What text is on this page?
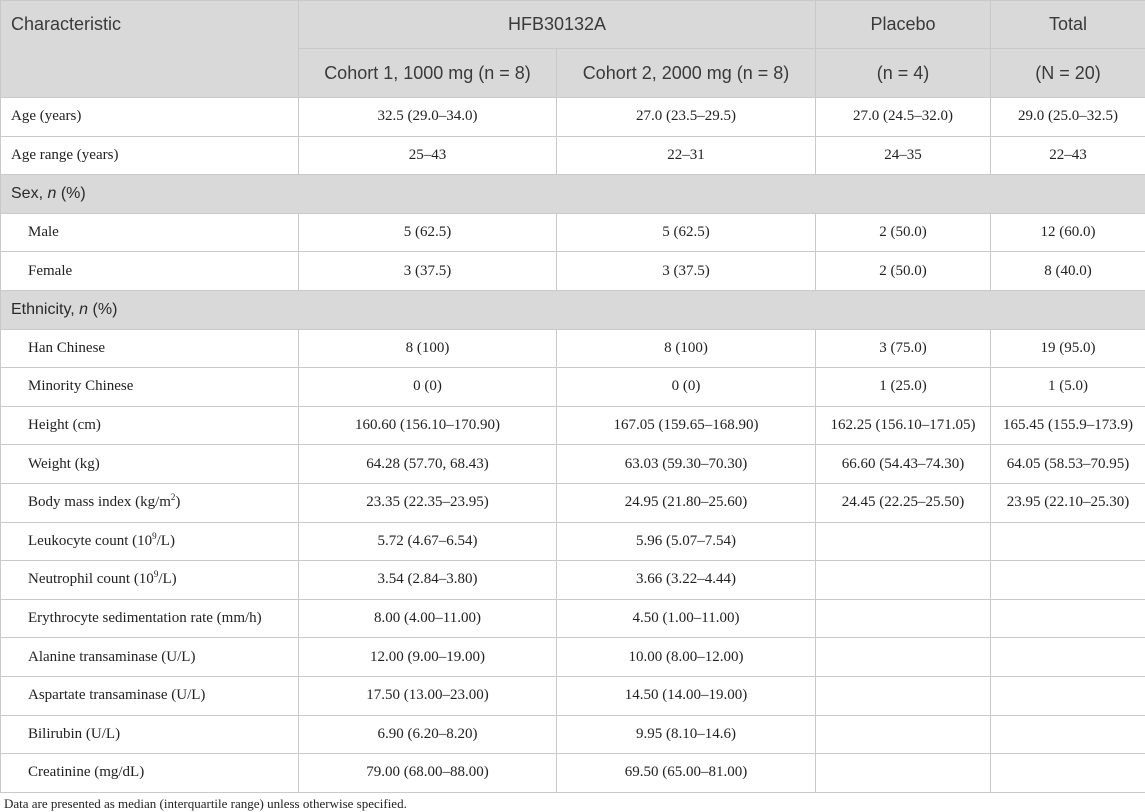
Characteristic	HFB30132A		Placebo	Total
	Cohort 1, 1000 mg (n = 8)	Cohort 2, 2000 mg (n = 8)	(n = 4)	(N = 20)
Age (years)	32.5 (29.0–34.0)	27.0 (23.5–29.5)	27.0 (24.5–32.0)	29.0 (25.0–32.5)
Age range (years)	25–43	22–31	24–35	22–43
Sex, n (%)				
Male	5 (62.5)	5 (62.5)	2 (50.0)	12 (60.0)
Female	3 (37.5)	3 (37.5)	2 (50.0)	8 (40.0)
Ethnicity, n (%)				
Han Chinese	8 (100)	8 (100)	3 (75.0)	19 (95.0)
Minority Chinese	0 (0)	0 (0)	1 (25.0)	1 (5.0)
Height (cm)	160.60 (156.10–170.90)	167.05 (159.65–168.90)	162.25 (156.10–171.05)	165.45 (155.9–173.9)
Weight (kg)	64.28 (57.70, 68.43)	63.03 (59.30–70.30)	66.60 (54.43–74.30)	64.05 (58.53–70.95)
Body mass index $(kg/m^2)$	23.35 (22.35–23.95)	24.95 (21.80–25.60)	24.45 (22.25–25.50)	23.95 (22.10–25.30)
Leukocyte count $(10^9/L)$	5.72 (4.67–6.54)	5.96 (5.07–7.54)		
Neutrophil count $(10^9/L)$	3.54 (2.84–3.80)	3.66 (3.22–4.44)		
Erythrocyte sedimentation rate (mm/h)	8.00 (4.00–11.00)	4.50 (1.00–11.00)		
Alanine transaminase (U/L)	12.00 (9.00–19.00)	10.00 (8.00–12.00)		
Aspartate transaminase (U/L)	17.50 (13.00–23.00)	14.50 (14.00–19.00)		
Bilirubin (U/L)	6.90 (6.20–8.20)	9.95 (8.10–14.6)		
Creatinine (mg/dL)	79.00 (68.00–88.00)	69.50 (65.00–81.00)		
Data are presented as median (interquartile range) unless otherwise specified.
